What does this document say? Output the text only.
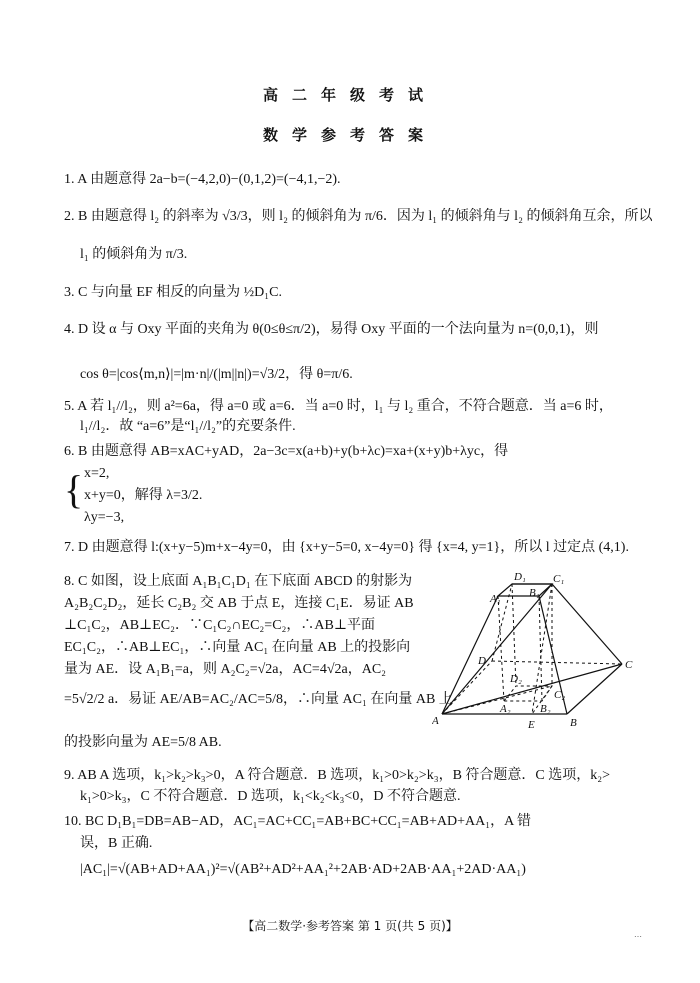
高二年级考试
数学参考答案
1. A 由题意得 2a−b=(−4,2,0)−(0,1,2)=(−4,1,−2).
2. B 由题意得 l₂ 的斜率为 √3/3，则 l₂ 的倾斜角为 π/6．因为 l₁ 的倾斜角与 l₂ 的倾斜角互余，所以
l₁ 的倾斜角为 π/3.
3. C 与向量 EF 相反的向量为 ½D₁C.
4. D 设 α 与 Oxy 平面的夹角为 θ(0≤θ≤π/2)，易得 Oxy 平面的一个法向量为 n=(0,0,1)，则
cos θ=|cos⟨m,n⟩|=|m·n|/(|m||n|)=√3/2，得 θ=π/6.
5. A 若 l₁//l₂，则 a²=6a，得 a=0 或 a=6．当 a=0 时，l₁ 与 l₂ 重合，不符合题意．当 a=6 时，
l₁//l₂．故 “a=6”是“l₁//l₂”的充要条件.
6. B 由题意得 AB=xAC+yAD，2a−3c=x(a+b)+y(b+λc)=xa+(x+y)b+λyc，得
{ x=2,
x+y=0，解得 λ=3/2.
λy=−3,
7. D 由题意得 l:(x+y−5)m+x−4y=0，由 {x+y−5=0, x−4y=0} 得 {x=4, y=1}，所以 l 过定点 (4,1).
8. C 如图，设上底面 A₁B₁C₁D₁ 在下底面 ABCD 的射影为
A₂B₂C₂D₂，延长 C₂B₂ 交 AB 于点 E，连接 C₁E．易证 AB
⊥C₁C₂，AB⊥EC₂．∵C₁C₂∩EC₂=C₂，∴AB⊥平面
EC₁C₂，∴AB⊥EC₁，∴向量 AC₁ 在向量 AB 上的投影向
量为 AE．设 A₁B₁=a，则 A₂C₂=√2a，AC=4√2a，AC₂
=5√2/2 a．易证 AE/AB=AC₂/AC=5/8，∴向量 AC₁ 在向量 AB 上
的投影向量为 AE=5/8 AB.
A	B
C
D
E
A₁	B₁
C₁
D₁
A₂	B₂
C₂
D₂
9. AB A 选项，k₁>k₂>k₃>0，A 符合题意．B 选项，k₁>0>k₂>k₃，B 符合题意．C 选项，k₂>
k₁>0>k₃，C 不符合题意．D 选项，k₁<k₂<k₃<0，D 不符合题意.
10. BC D₁B₁=DB=AB−AD，AC₁=AC+CC₁=AB+BC+CC₁=AB+AD+AA₁，A 错
误，B 正确.
|AC₁|=√(AB+AD+AA₁)²=√(AB²+AD²+AA₁²+2AB·AD+2AB·AA₁+2AD·AA₁)
【高二数学·参考答案 第 1 页(共 5 页)】
…
